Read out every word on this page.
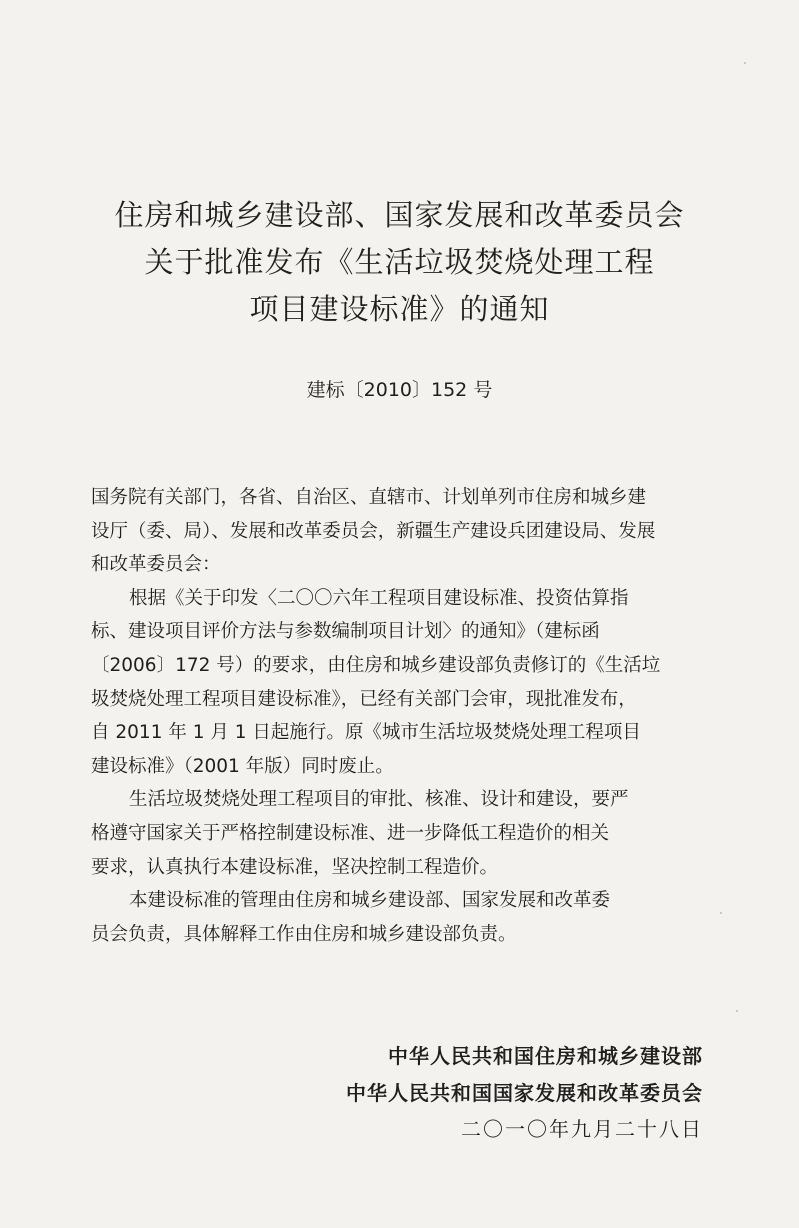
住房和城乡建设部、国家发展和改革委员会
关于批准发布《生活垃圾焚烧处理工程
项目建设标准》的通知
建标〔2010〕152 号

国务院有关部门，各省、自治区、直辖市、计划单列市住房和城乡建

设厅（委、局）、发展和改革委员会，新疆生产建设兵团建设局、发展

和改革委员会：

根据《关于印发〈二〇〇六年工程项目建设标准、投资估算指

标、建设项目评价方法与参数编制项目计划〉的通知》（建标函

〔2006〕172 号）的要求，由住房和城乡建设部负责修订的《生活垃

圾焚烧处理工程项目建设标准》，已经有关部门会审，现批准发布，

自 2011 年 1 月 1 日起施行。原《城市生活垃圾焚烧处理工程项目

建设标准》（2001 年版）同时废止。

生活垃圾焚烧处理工程项目的审批、核准、设计和建设，要严

格遵守国家关于严格控制建设标准、进一步降低工程造价的相关

要求，认真执行本建设标准，坚决控制工程造价。

本建设标准的管理由住房和城乡建设部、国家发展和改革委

员会负责，具体解释工作由住房和城乡建设部负责。

中华人民共和国住房和城乡建设部
中华人民共和国国家发展和改革委员会
二〇一〇年九月二十八日
